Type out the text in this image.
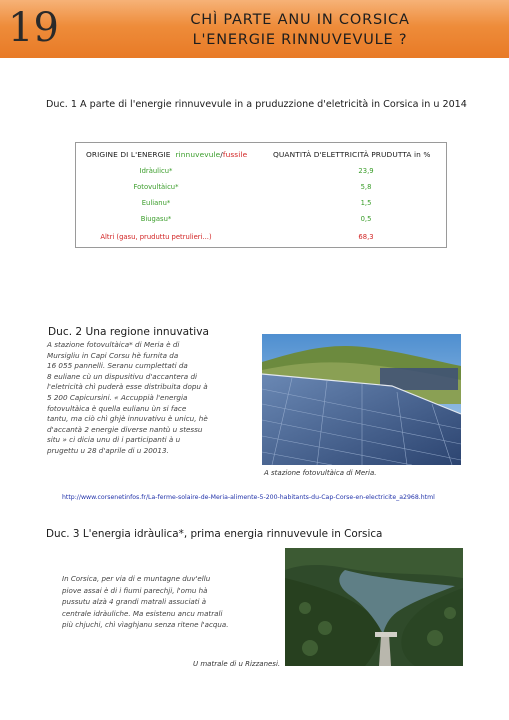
19	CHÌ PARTE ANU IN CORSICA
L'ENERGIE RINNUVEVULE ?
Duc. 1 A parte di l'energie rinnuvevule in a pruduzzione d'eletricità in Corsica in u 2014
ORIGINE DI L'ENERGIE rinnuvevule/fussile	QUANTITÀ D'ELETTRICITÀ PRUDUTTA in %
Idràulicu*	23,9
Fotovultàicu*	5,8
Eulianu*	1,5
Biugasu*	0,5
Altri (gasu, pruduttu petrulieri...)	68,3
Duc. 2 Una regione innuvativa
A stazione fotovultàica* di Meria è di
Mursigliu in Capi Corsu hè furnita da
16 055 pannelli. Seranu cumplettati da
8 euliane cù un dispusitivu d'accantera di
l'eletricità chì puderà esse distribuita dopu à
5 200 Capicursini. « Accuppià l'energia
fotovultàica è quella eulianu ùn si face
tantu, ma ciò chì ghjè innuvativu è unicu, hè
d'accantà 2 energie diverse nantù u stessu
situ » ci dicia unu di i participanti à u
prugettu u 28 d'aprile di u 20013.
A stazione fotovultàica di Meria.
http://www.corsenetinfos.fr/La-ferme-solaire-de-Meria-alimente-5-200-habitants-du-Cap-Corse-en-electricite_a2968.html
Duc. 3 L'energia idràulica*, prima energia rinnuvevule in Corsica
In Corsica, per via di e muntagne duv'ellu
piove assai è di i fiumi parechji, l'omu hà
pussutu alzà 4 grandi matrali assuciati à
centrale idràuliche. Ma esistenu ancu matrali
più chjuchi, chì vìaghjanu senza ritene l'acqua.
U matrale di u Rizzanesi.
